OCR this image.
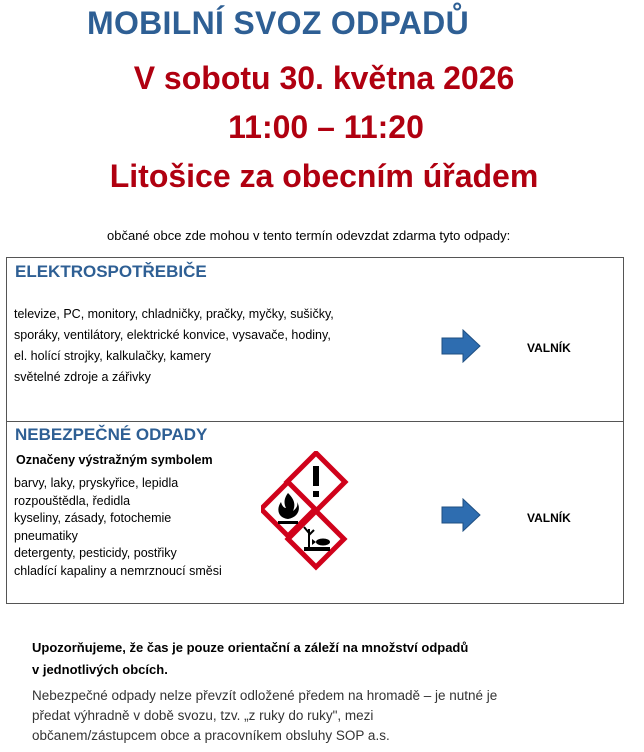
MOBILNÍ SVOZ ODPADŮ
V sobotu 30. května 2026
11:00 – 11:20
Litošice za obecním úřadem
občané obce zde mohou v tento termín odevzdat zdarma tyto odpady:
ELEKTROSPOTŘEBIČE
televize, PC, monitory, chladničky, pračky, myčky, sušičky,
sporáky, ventilátory, elektrické konvice, vysavače, hodiny,
el. holící strojky, kalkulačky, kamery
světelné zdroje a zářivky
VALNÍK
NEBEZPEČNÉ ODPADY
Označeny výstražným symbolem
barvy, laky, pryskyřice, lepidla
rozpouštědla, ředidla
kyseliny, zásady, fotochemie
pneumatiky
detergenty, pesticidy, postřiky
chladící kapaliny a nemrznoucí směsi
VALNÍK
Upozorňujeme, že čas je pouze orientační a záleží na množství odpadů
v jednotlivých obcích.
Nebezpečné odpady nelze převzít odložené předem na hromadě – je nutné je
předat výhradně v době svozu, tzv. „z ruky do ruky", mezi
občanem/zástupcem obce a pracovníkem obsluhy SOP a.s.
